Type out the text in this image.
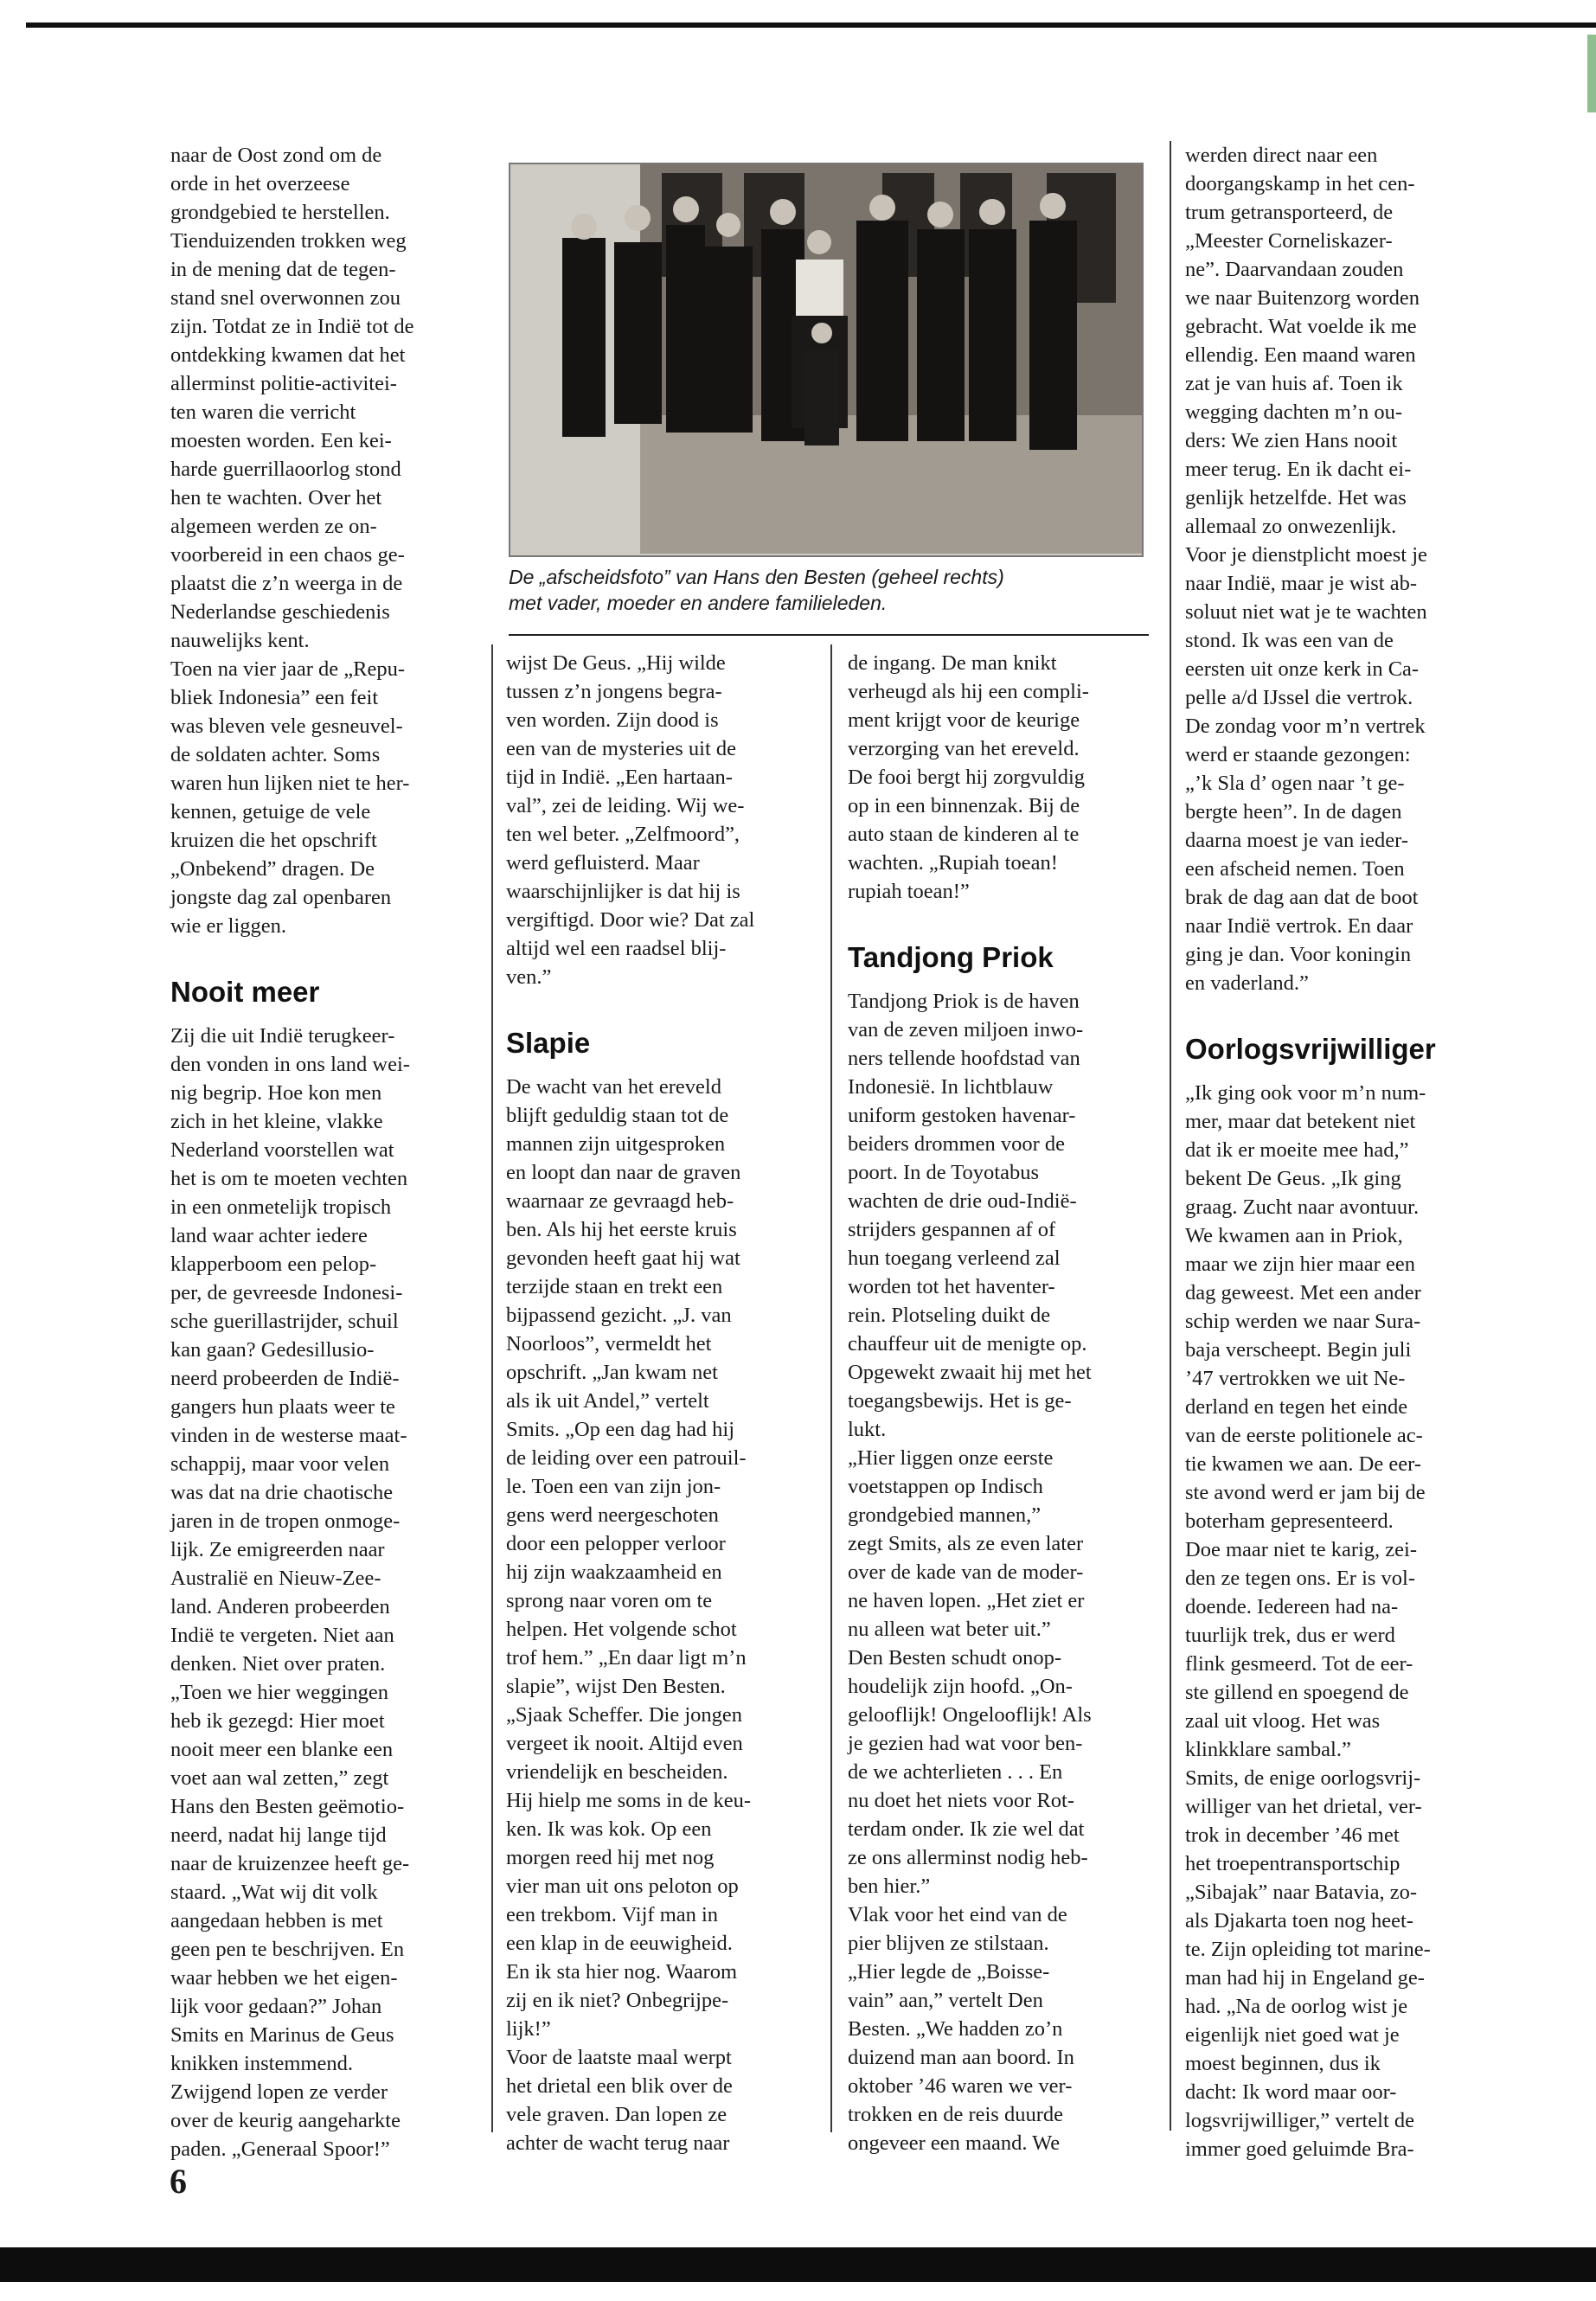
De „afscheidsfoto” van Hans den Besten (geheel rechts)
met vader, moeder en andere familieleden.

naar de Oost zond om de
orde in het overzeese
grondgebied te herstellen.
Tienduizenden trokken weg
in de mening dat de tegen-
stand snel overwonnen zou
zijn. Totdat ze in Indië tot de
ontdekking kwamen dat het
allerminst politie-activitei-
ten waren die verricht
moesten worden. Een kei-
harde guerrillaoorlog stond
hen te wachten. Over het
algemeen werden ze on-
voorbereid in een chaos ge-
plaatst die z’n weerga in de
Nederlandse geschiedenis
nauwelijks kent.

Toen na vier jaar de „Repu-
bliek Indonesia” een feit
was bleven vele gesneuvel-
de soldaten achter. Soms
waren hun lijken niet te her-
kennen, getuige de vele
kruizen die het opschrift
„Onbekend” dragen. De
jongste dag zal openbaren
wie er liggen.

Nooit meer

Zij die uit Indië terugkeer-
den vonden in ons land wei-
nig begrip. Hoe kon men
zich in het kleine, vlakke
Nederland voorstellen wat
het is om te moeten vechten
in een onmetelijk tropisch
land waar achter iedere
klapperboom een pelop-
per, de gevreesde Indonesi-
sche guerillastrijder, schuil
kan gaan? Gedesillusio-
neerd probeerden de Indië-
gangers hun plaats weer te
vinden in de westerse maat-
schappij, maar voor velen
was dat na drie chaotische
jaren in de tropen onmoge-
lijk. Ze emigreerden naar
Australië en Nieuw-Zee-
land. Anderen probeerden
Indië te vergeten. Niet aan
denken. Niet over praten.

„Toen we hier weggingen
heb ik gezegd: Hier moet
nooit meer een blanke een
voet aan wal zetten,” zegt
Hans den Besten geëmotio-
neerd, nadat hij lange tijd
naar de kruizenzee heeft ge-
staard. „Wat wij dit volk
aangedaan hebben is met
geen pen te beschrijven. En
waar hebben we het eigen-
lijk voor gedaan?” Johan
Smits en Marinus de Geus
knikken instemmend.
Zwijgend lopen ze verder
over de keurig aangeharkte
paden. „Generaal Spoor!”

wijst De Geus. „Hij wilde
tussen z’n jongens begra-
ven worden. Zijn dood is
een van de mysteries uit de
tijd in Indië. „Een hartaan-
val”, zei de leiding. Wij we-
ten wel beter. „Zelfmoord”,
werd gefluisterd. Maar
waarschijnlijker is dat hij is
vergiftigd. Door wie? Dat zal
altijd wel een raadsel blij-
ven.”

Slapie

De wacht van het ereveld
blijft geduldig staan tot de
mannen zijn uitgesproken
en loopt dan naar de graven
waarnaar ze gevraagd heb-
ben. Als hij het eerste kruis
gevonden heeft gaat hij wat
terzijde staan en trekt een
bijpassend gezicht. „J. van
Noorloos”, vermeldt het
opschrift. „Jan kwam net
als ik uit Andel,” vertelt
Smits. „Op een dag had hij
de leiding over een patrouil-
le. Toen een van zijn jon-
gens werd neergeschoten
door een pelopper verloor
hij zijn waakzaamheid en
sprong naar voren om te
helpen. Het volgende schot
trof hem.” „En daar ligt m’n
slapie”, wijst Den Besten.
„Sjaak Scheffer. Die jongen
vergeet ik nooit. Altijd even
vriendelijk en bescheiden.
Hij hielp me soms in de keu-
ken. Ik was kok. Op een
morgen reed hij met nog
vier man uit ons peloton op
een trekbom. Vijf man in
een klap in de eeuwigheid.
En ik sta hier nog. Waarom
zij en ik niet? Onbegrijpe-
lijk!”

Voor de laatste maal werpt
het drietal een blik over de
vele graven. Dan lopen ze
achter de wacht terug naar

de ingang. De man knikt
verheugd als hij een compli-
ment krijgt voor de keurige
verzorging van het ereveld.
De fooi bergt hij zorgvuldig
op in een binnenzak. Bij de
auto staan de kinderen al te
wachten. „Rupiah toean!
rupiah toean!”

Tandjong Priok

Tandjong Priok is de haven
van de zeven miljoen inwo-
ners tellende hoofdstad van
Indonesië. In lichtblauw
uniform gestoken havenar-
beiders drommen voor de
poort. In de Toyotabus
wachten de drie oud-Indië-
strijders gespannen af of
hun toegang verleend zal
worden tot het haventer-
rein. Plotseling duikt de
chauffeur uit de menigte op.
Opgewekt zwaait hij met het
toegangsbewijs. Het is ge-
lukt.

„Hier liggen onze eerste
voetstappen op Indisch
grondgebied mannen,”
zegt Smits, als ze even later
over de kade van de moder-
ne haven lopen. „Het ziet er
nu alleen wat beter uit.”
Den Besten schudt onop-
houdelijk zijn hoofd. „On-
gelooflijk! Ongelooflijk! Als
je gezien had wat voor ben-
de we achterlieten . . . En
nu doet het niets voor Rot-
terdam onder. Ik zie wel dat
ze ons allerminst nodig heb-
ben hier.”

Vlak voor het eind van de
pier blijven ze stilstaan.
„Hier legde de „Boisse-
vain” aan,” vertelt Den
Besten. „We hadden zo’n
duizend man aan boord. In
oktober ’46 waren we ver-
trokken en de reis duurde
ongeveer een maand. We

werden direct naar een
doorgangskamp in het cen-
trum getransporteerd, de
„Meester Corneliskazer-
ne”. Daarvandaan zouden
we naar Buitenzorg worden
gebracht. Wat voelde ik me
ellendig. Een maand waren
zat je van huis af. Toen ik
wegging dachten m’n ou-
ders: We zien Hans nooit
meer terug. En ik dacht ei-
genlijk hetzelfde. Het was
allemaal zo onwezenlijk.
Voor je dienstplicht moest je
naar Indië, maar je wist ab-
soluut niet wat je te wachten
stond. Ik was een van de
eersten uit onze kerk in Ca-
pelle a/d IJssel die vertrok.
De zondag voor m’n vertrek
werd er staande gezongen:
„’k Sla d’ ogen naar ’t ge-
bergte heen”. In de dagen
daarna moest je van ieder-
een afscheid nemen. Toen
brak de dag aan dat de boot
naar Indië vertrok. En daar
ging je dan. Voor koningin
en vaderland.”

Oorlogsvrijwilliger

„Ik ging ook voor m’n num-
mer, maar dat betekent niet
dat ik er moeite mee had,”
bekent De Geus. „Ik ging
graag. Zucht naar avontuur.
We kwamen aan in Priok,
maar we zijn hier maar een
dag geweest. Met een ander
schip werden we naar Sura-
baja verscheept. Begin juli
’47 vertrokken we uit Ne-
derland en tegen het einde
van de eerste politionele ac-
tie kwamen we aan. De eer-
ste avond werd er jam bij de
boterham gepresenteerd.
Doe maar niet te karig, zei-
den ze tegen ons. Er is vol-
doende. Iedereen had na-
tuurlijk trek, dus er werd
flink gesmeerd. Tot de eer-
ste gillend en spoegend de
zaal uit vloog. Het was
klinkklare sambal.”

Smits, de enige oorlogsvrij-
williger van het drietal, ver-
trok in december ’46 met
het troepentransportschip
„Sibajak” naar Batavia, zo-
als Djakarta toen nog heet-
te. Zijn opleiding tot marine-
man had hij in Engeland ge-
had. „Na de oorlog wist je
eigenlijk niet goed wat je
moest beginnen, dus ik
dacht: Ik word maar oor-
logsvrijwilliger,” vertelt de
immer goed geluimde Bra-

6
